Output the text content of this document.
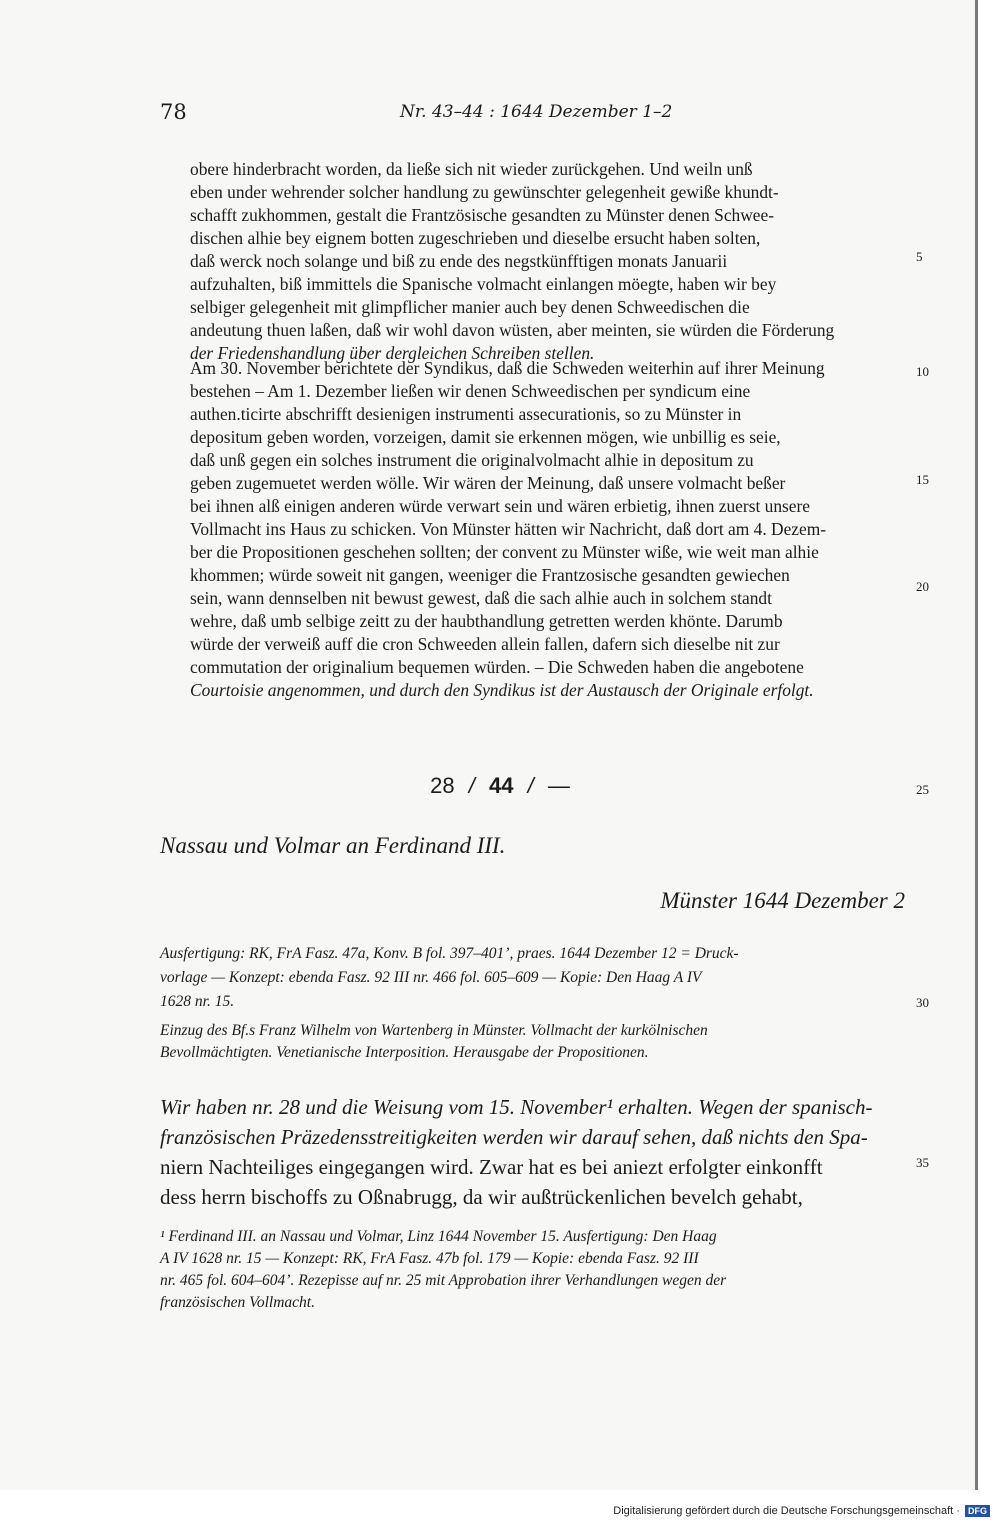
78	Nr. 43–44 : 1644 Dezember 1–2
obere hinderbracht worden, da ließe sich nit wieder zurückgehen. Und weiln unß
eben under wehrender solcher handlung zu gewünschter gelegenheit gewiße khundt-
schafft zukhommen, gestalt die Frantzösische gesandten zu Münster denen Schwee-
dischen alhie bey eignem botten zugeschrieben und dieselbe ersucht haben solten,
daß werck noch solange und biß zu ende des negstkünfftigen monats Januarii
aufzuhalten, biß immittels die Spanische volmacht einlangen möegte, haben wir bey
selbiger gelegenheit mit glimpflicher manier auch bey denen Schweedischen die
andeutung thuen laßen, daß wir wohl davon wüsten, aber meinten, sie würden die Förderung
der Friedenshandlung über dergleichen Schreiben stellen.
Am 30. November berichtete der Syndikus, daß die Schweden weiterhin auf ihrer Meinung
bestehen – Am 1. Dezember ließen wir denen Schweedischen per syndicum eine
authen.ticirte abschrifft desienigen instrumenti assecurationis, so zu Münster in
depositum geben worden, vorzeigen, damit sie erkennen mögen, wie unbillig es seie,
daß unß gegen ein solches instrument die originalvolmacht alhie in depositum zu
geben zugemuetet werden wölle. Wir wären der Meinung, daß unsere volmacht beßer
bei ihnen alß einigen anderen würde verwart sein und wären erbietig, ihnen zuerst unsere
Vollmacht ins Haus zu schicken. Von Münster hätten wir Nachricht, daß dort am 4. Dezem-
ber die Propositionen geschehen sollten; der convent zu Münster wiße, wie weit man alhie
khommen; würde soweit nit gangen, weeniger die Frantzosische gesandten gewiechen
sein, wann dennselben nit bewust gewest, daß die sach alhie auch in solchem standt
wehre, daß umb selbige zeitt zu der haubthandlung getretten werden khönte. Darumb
würde der verweiß auff die cron Schweeden allein fallen, dafern sich dieselbe nit zur
commutation der originalium bequemen würden. – Die Schweden haben die angebotene
Courtoisie angenommen, und durch den Syndikus ist der Austausch der Originale erfolgt.
5
10
15
20
25
30
35
28 / 44 / —
Nassau und Volmar an Ferdinand III.
Münster 1644 Dezember 2
Ausfertigung: RK, FrA Fasz. 47a, Konv. B fol. 397–401’, praes. 1644 Dezember 12 = Druck-
vorlage — Konzept: ebenda Fasz. 92 III nr. 466 fol. 605–609 — Kopie: Den Haag A IV
1628 nr. 15.
Einzug des Bf.s Franz Wilhelm von Wartenberg in Münster. Vollmacht der kurkölnischen
Bevollmächtigten. Venetianische Interposition. Herausgabe der Propositionen.
Wir haben nr. 28 und die Weisung vom 15. November¹ erhalten. Wegen der spanisch-
französischen Präzedensstreitigkeiten werden wir darauf sehen, daß nichts den Spa-
niern Nachteiliges eingegangen wird. Zwar hat es bei aniezt erfolgter einkonfft
dess herrn bischoffs zu Oßnabrugg, da wir außtrückenlichen bevelch gehabt,
¹ Ferdinand III. an Nassau und Volmar, Linz 1644 November 15. Ausfertigung: Den Haag
A IV 1628 nr. 15 — Konzept: RK, FrA Fasz. 47b fol. 179 — Kopie: ebenda Fasz. 92 III
nr. 465 fol. 604–604’. Rezepisse auf nr. 25 mit Approbation ihrer Verhandlungen wegen der
französischen Vollmacht.
Digitalisierung gefördert durch die Deutsche Forschungsgemeinschaft · DFG
